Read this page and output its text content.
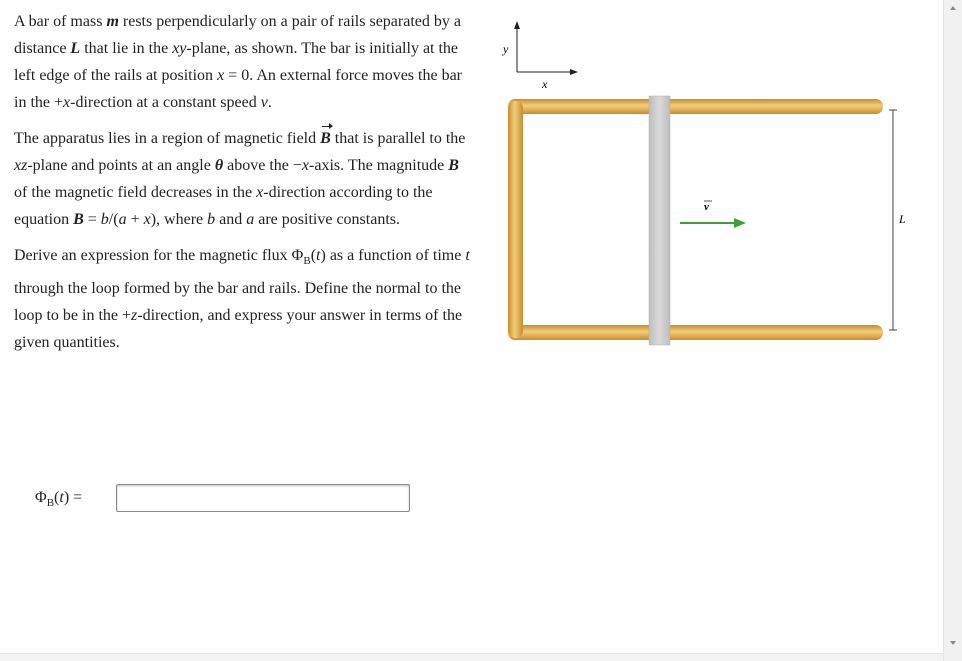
A bar of mass m rests perpendicularly on a pair of rails separated by a distance L that lie in the xy-plane, as shown. The bar is initially at the left edge of the rails at position x = 0. An external force moves the bar in the +x-direction at a constant speed v.

The apparatus lies in a region of magnetic field B that is parallel to the xz-plane and points at an angle θ above the −x-axis. The magnitude B of the magnetic field decreases in the x-direction according to the equation B = b/(a + x), where b and a are positive constants.

Derive an expression for the magnetic flux $\Phi_B(t)$ as a function of time t through the loop formed by the bar and rails. Define the normal to the loop to be in the +z-direction, and express your answer in terms of the given quantities.

$\Phi_B(t)$ =
y
x
v
L
